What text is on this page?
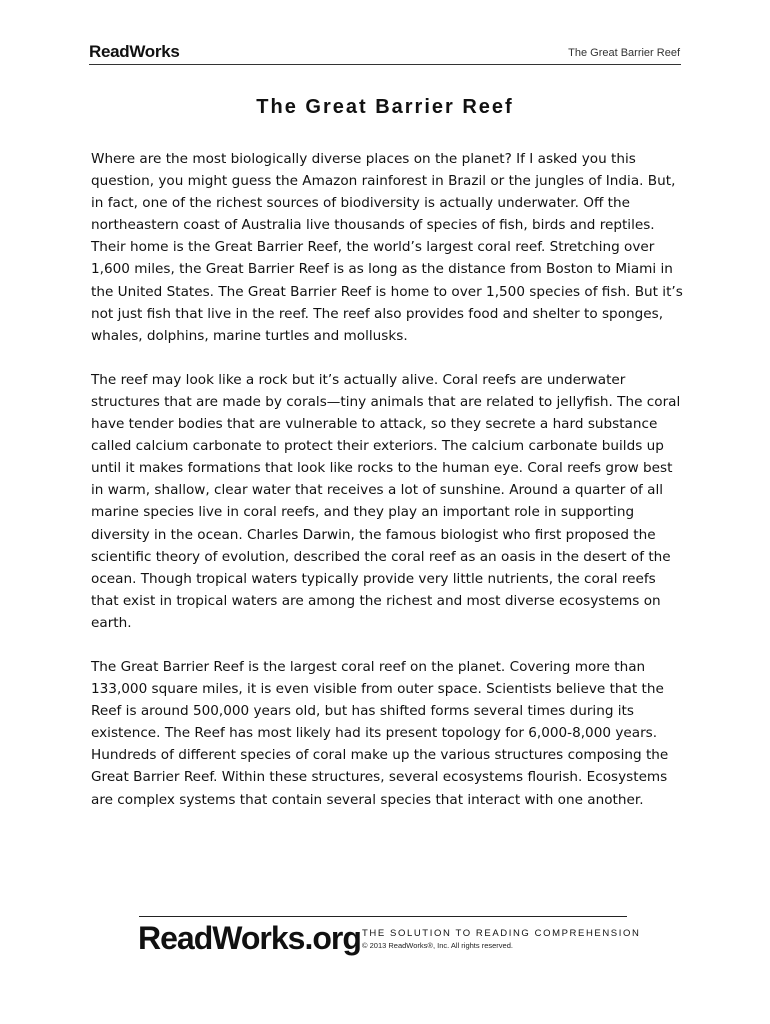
ReadWorks	The Great Barrier Reef
The Great Barrier Reef

Where are the most biologically diverse places on the planet? If I asked you this question, you might guess the Amazon rainforest in Brazil or the jungles of India. But, in fact, one of the richest sources of biodiversity is actually underwater. Off the northeastern coast of Australia live thousands of species of fish, birds and reptiles. Their home is the Great Barrier Reef, the world’s largest coral reef. Stretching over 1,600 miles, the Great Barrier Reef is as long as the distance from Boston to Miami in the United States. The Great Barrier Reef is home to over 1,500 species of fish. But it’s not just fish that live in the reef. The reef also provides food and shelter to sponges, whales, dolphins, marine turtles and mollusks.

The reef may look like a rock but it’s actually alive. Coral reefs are underwater structures that are made by corals—tiny animals that are related to jellyfish. The coral have tender bodies that are vulnerable to attack, so they secrete a hard substance called calcium carbonate to protect their exteriors. The calcium carbonate builds up until it makes formations that look like rocks to the human eye. Coral reefs grow best in warm, shallow, clear water that receives a lot of sunshine. Around a quarter of all marine species live in coral reefs, and they play an important role in supporting diversity in the ocean. Charles Darwin, the famous biologist who first proposed the scientific theory of evolution, described the coral reef as an oasis in the desert of the ocean. Though tropical waters typically provide very little nutrients, the coral reefs that exist in tropical waters are among the richest and most diverse ecosystems on earth.

The Great Barrier Reef is the largest coral reef on the planet. Covering more than 133,000 square miles, it is even visible from outer space. Scientists believe that the Reef is around 500,000 years old, but has shifted forms several times during its existence. The Reef has most likely had its present topology for 6,000-8,000 years. Hundreds of different species of coral make up the various structures composing the Great Barrier Reef. Within these structures, several ecosystems flourish. Ecosystems are complex systems that contain several species that interact with one another.

ReadWorks.org THE SOLUTION TO READING COMPREHENSION
© 2013 ReadWorks®, Inc. All rights reserved.
